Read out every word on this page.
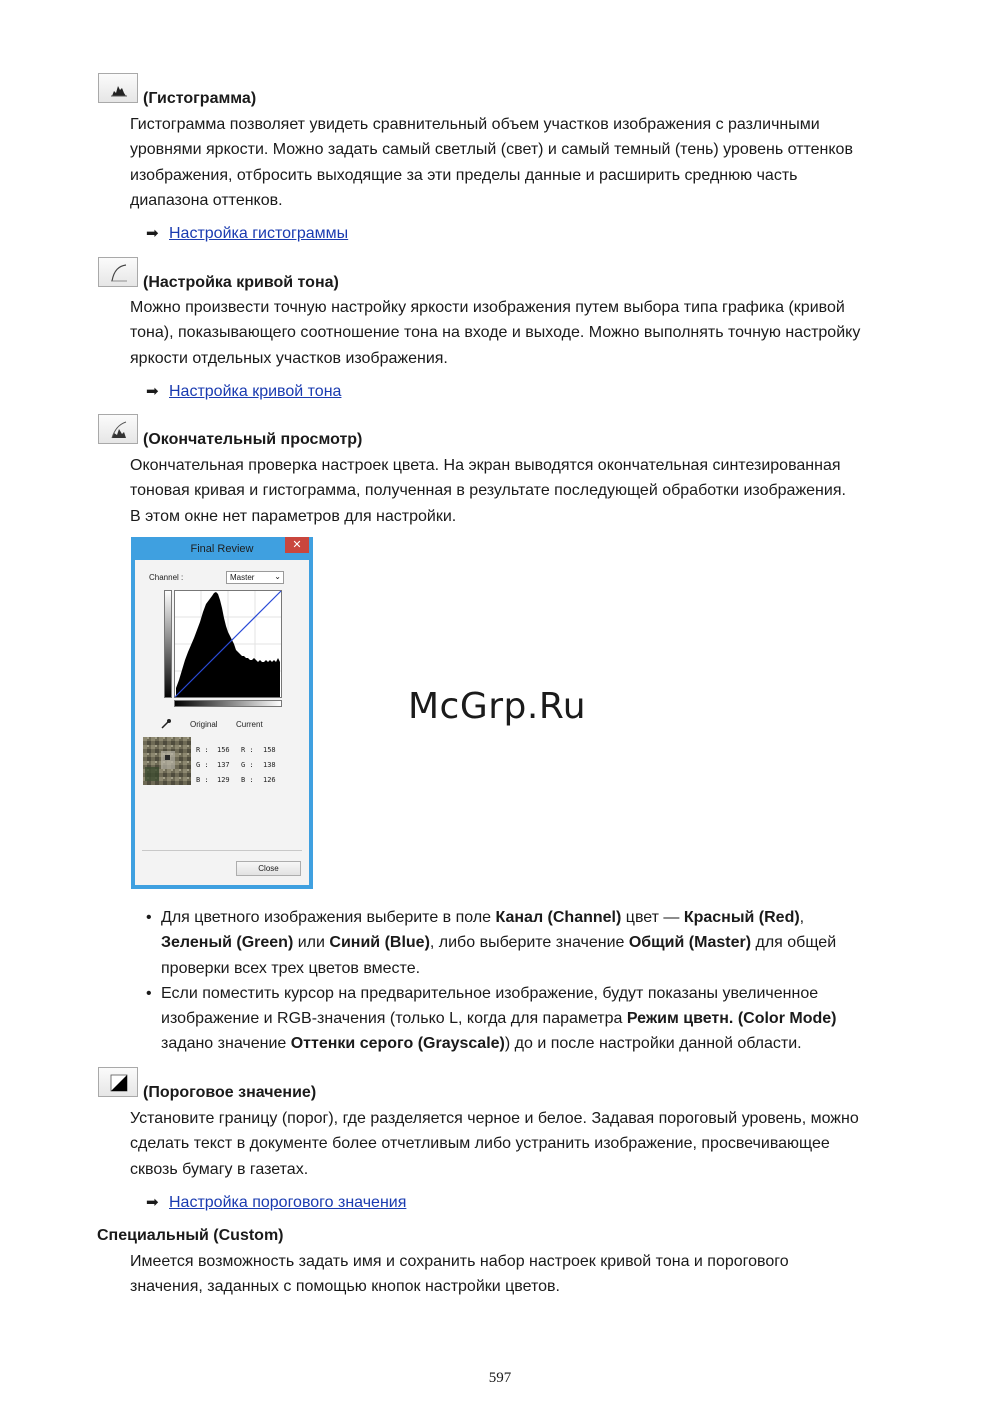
(Гистограмма)

Гистограмма позволяет увидеть сравнительный объем участков изображения с различными

уровнями яркости. Можно задать самый светлый (свет) и самый темный (тень) уровень оттенков

изображения, отбросить выходящие за эти пределы данные и расширить среднюю часть

диапазона оттенков.

➡ Настройка гистограммы
(Настройка кривой тона)

Можно произвести точную настройку яркости изображения путем выбора типа графика (кривой

тона), показывающего соотношение тона на входе и выходе. Можно выполнять точную настройку

яркости отдельных участков изображения.

➡ Настройка кривой тона
(Окончательный просмотр)

Окончательная проверка настроек цвета. На экран выводятся окончательная синтезированная

тоновая кривая и гистограмма, полученная в результате последующей обработки изображения.

В этом окне нет параметров для настройки.

Final Review	✕
Channel :	Master ⌄
Original Current
R : 156
G : 137
B : 129
R : 158
G : 138
B : 126
Close
McGrp.Ru
• Для цветного изображения выберите в поле Канал (Channel) цвет — Красный (Red),
Зеленый (Green) или Синий (Blue), либо выберите значение Общий (Master) для общей
проверки всех трех цветов вместе.
• Если поместить курсор на предварительное изображение, будут показаны увеличенное
изображение и RGB-значения (только L, когда для параметра Режим цветн. (Color Mode)
задано значение Оттенки серого (Grayscale)) до и после настройки данной области.
(Пороговое значение)

Установите границу (порог), где разделяется черное и белое. Задавая пороговый уровень, можно

сделать текст в документе более отчетливым либо устранить изображение, просвечивающее

сквозь бумагу в газетах.

➡ Настройка порогового значения
Специальный (Custom)

Имеется возможность задать имя и сохранить набор настроек кривой тона и порогового

значения, заданных с помощью кнопок настройки цветов.

597
